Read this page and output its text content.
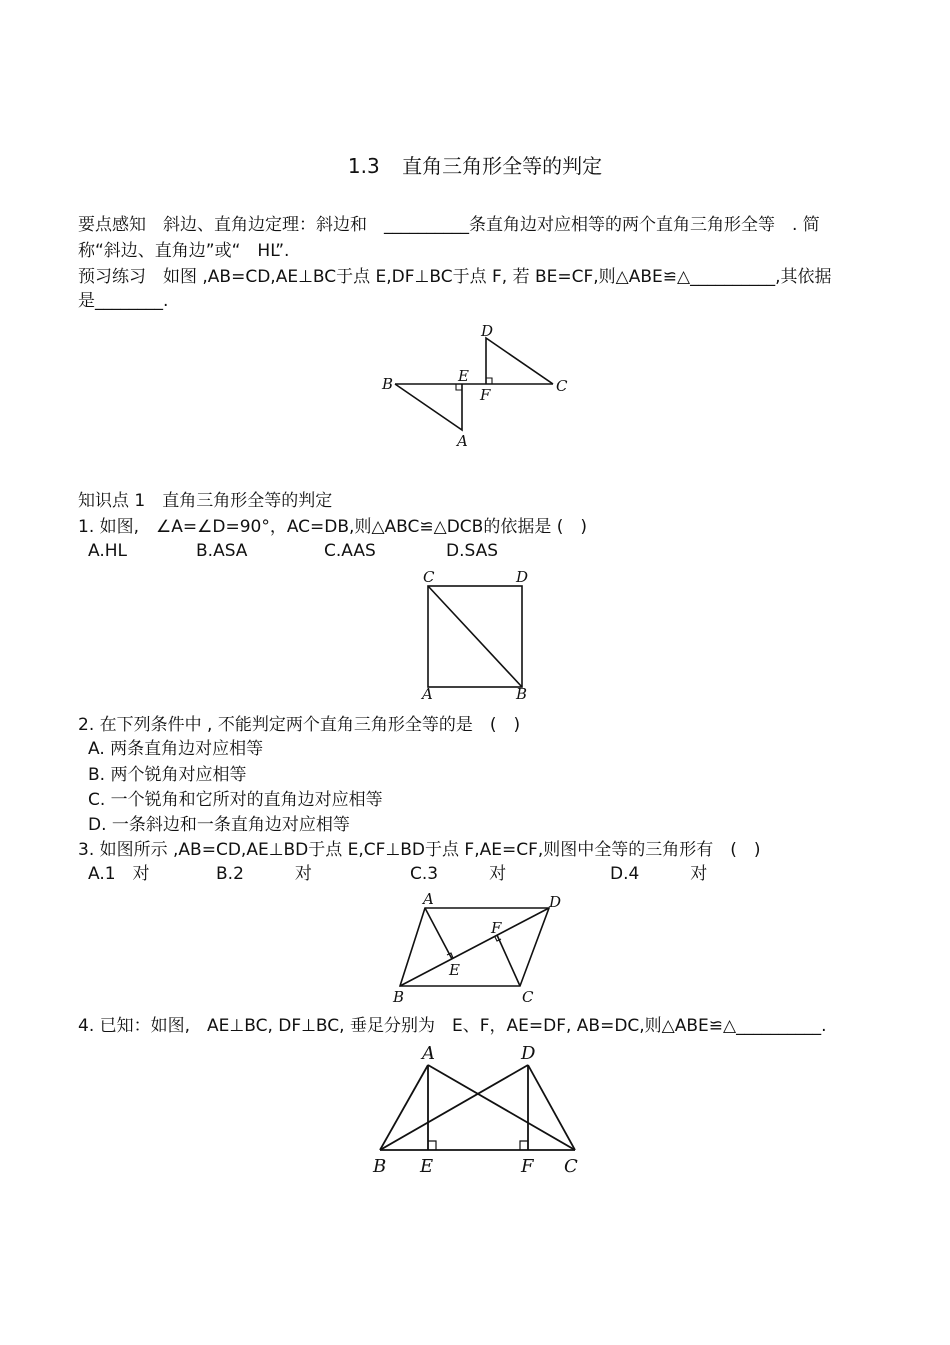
1.3 直角三角形全等的判定
要点感知　斜边、直角边定理：斜边和　__________条直角边对应相等的两个直角三角形全等　. 简
称“斜边、直角边”或“　HL”.
预习练习　如图 ,AB=CD,AE⊥BC于点 E,DF⊥BC于点 F, 若 BE=CF,则△ABE≌△__________,其依据
是________.
B	E
A
D
F	C
知识点 1　直角三角形全等的判定
1. 如图,　∠A=∠D=90°，AC=DB,则△ABC≌△DCB的依据是 (　)
A.HL	B.ASA	C.AAS	D.SAS
C	D
A	B
2. 在下列条件中 , 不能判定两个直角三角形全等的是　(　)
A. 两条直角边对应相等
B. 两个锐角对应相等
C. 一个锐角和它所对的直角边对应相等
D. 一条斜边和一条直角边对应相等
3. 如图所示 ,AB=CD,AE⊥BD于点 E,CF⊥BD于点 F,AE=CF,则图中全等的三角形有　(　)
A.1　对	B.2　　　对	C.3　　　对	D.4　　　对
A	D
B	C
E
F
4. 已知：如图,　AE⊥BC, DF⊥BC, 垂足分别为　E、F，AE=DF, AB=DC,则△ABE≌△__________.
A	D
B E	F C
